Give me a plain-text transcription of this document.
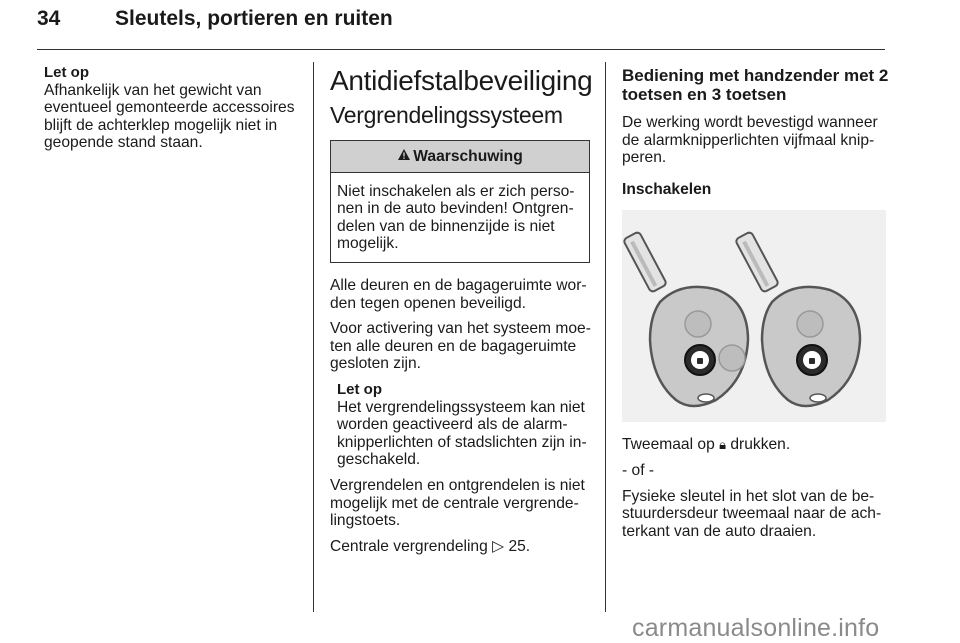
34	Sleutels, portieren en ruiten
Let op
Afhankelijk van het gewicht van eventueel gemonteerde accessoires blijft de achterklep mogelijk niet in geopende stand staan.
Antidiefstalbeveiliging
Vergrendelingssysteem
Waarschuwing
Niet inschakelen als er zich personen in de auto bevinden! Ontgrendelen van de binnenzijde is niet mogelijk.

Alle deuren en de bagageruimte worden tegen openen beveiligd.

Voor activering van het systeem moeten alle deuren en de bagageruimte gesloten zijn.

Let op
Het vergrendelingssysteem kan niet worden geactiveerd als de alarmknipperlichten of stadslichten zijn ingeschakeld.

Vergrendelen en ontgrendelen is niet mogelijk met de centrale vergrendelingstoets.

Centrale vergrendeling ▷ 25.

Bediening met handzender met 2 toetsen en 3 toetsen

De werking wordt bevestigd wanneer de alarmknipperlichten vijfmaal knipperen.

Inschakelen

Tweemaal op 🔒︎ drukken.

- of -

Fysieke sleutel in het slot van de bestuurdersdeur tweemaal naar de achterkant van de auto draaien.

carmanualsonline.info
